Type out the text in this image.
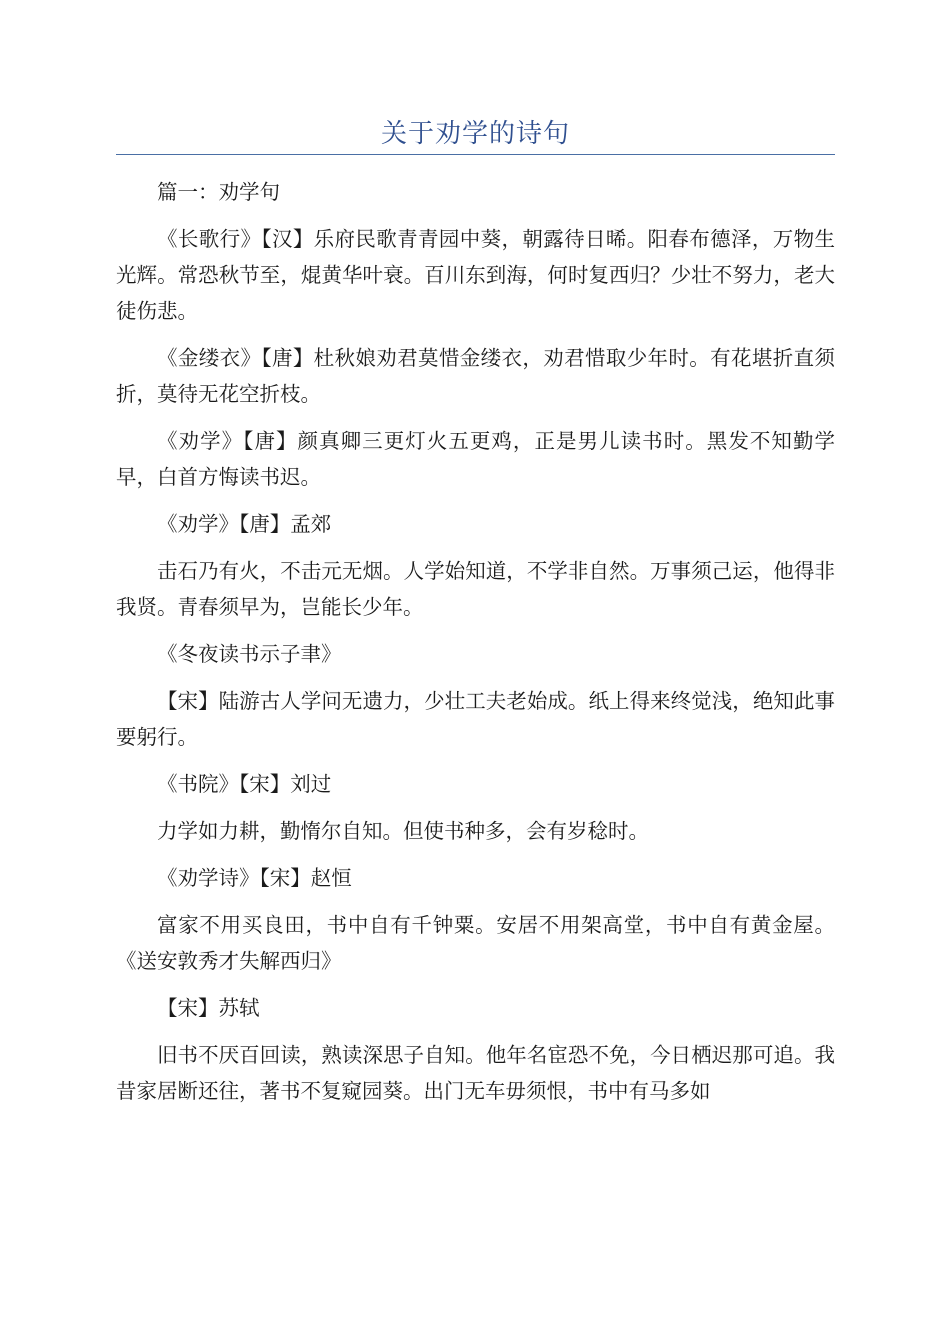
关于劝学的诗句

篇一：劝学句

《长歌行》【汉】乐府民歌青青园中葵，朝露待日晞。阳春布德泽，万物生光辉。常恐秋节至，焜黄华叶衰。百川东到海，何时复西归？少壮不努力，老大徒伤悲。

《金缕衣》【唐】杜秋娘劝君莫惜金缕衣，劝君惜取少年时。有花堪折直须折，莫待无花空折枝。

《劝学》【唐】颜真卿三更灯火五更鸡，正是男儿读书时。黑发不知勤学早，白首方悔读书迟。

《劝学》【唐】孟郊

击石乃有火，不击元无烟。人学始知道，不学非自然。万事须己运，他得非我贤。青春须早为，岂能长少年。

《冬夜读书示子聿》

【宋】陆游古人学问无遗力，少壮工夫老始成。纸上得来终觉浅，绝知此事要躬行。

《书院》【宋】刘过

力学如力耕，勤惰尔自知。但使书种多，会有岁稔时。

《劝学诗》【宋】赵恒

富家不用买良田，书中自有千钟粟。安居不用架高堂，书中自有黄金屋。《送安敦秀才失解西归》

【宋】苏轼

旧书不厌百回读，熟读深思子自知。他年名宦恐不免，今日栖迟那可追。我昔家居断还往，著书不复窥园葵。出门无车毋须恨，书中有马多如
